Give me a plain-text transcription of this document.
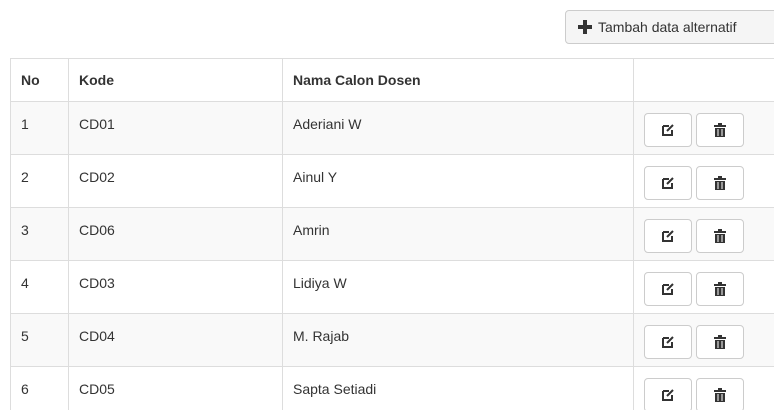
Tambah data alternatif
No	Kode	Nama Calon Dosen	
1	CD01	Aderiani W	

2	CD02	Ainul Y	

3	CD06	Amrin	

4	CD03	Lidiya W	

5	CD04	M. Rajab	

6	CD05	Sapta Setiadi	
